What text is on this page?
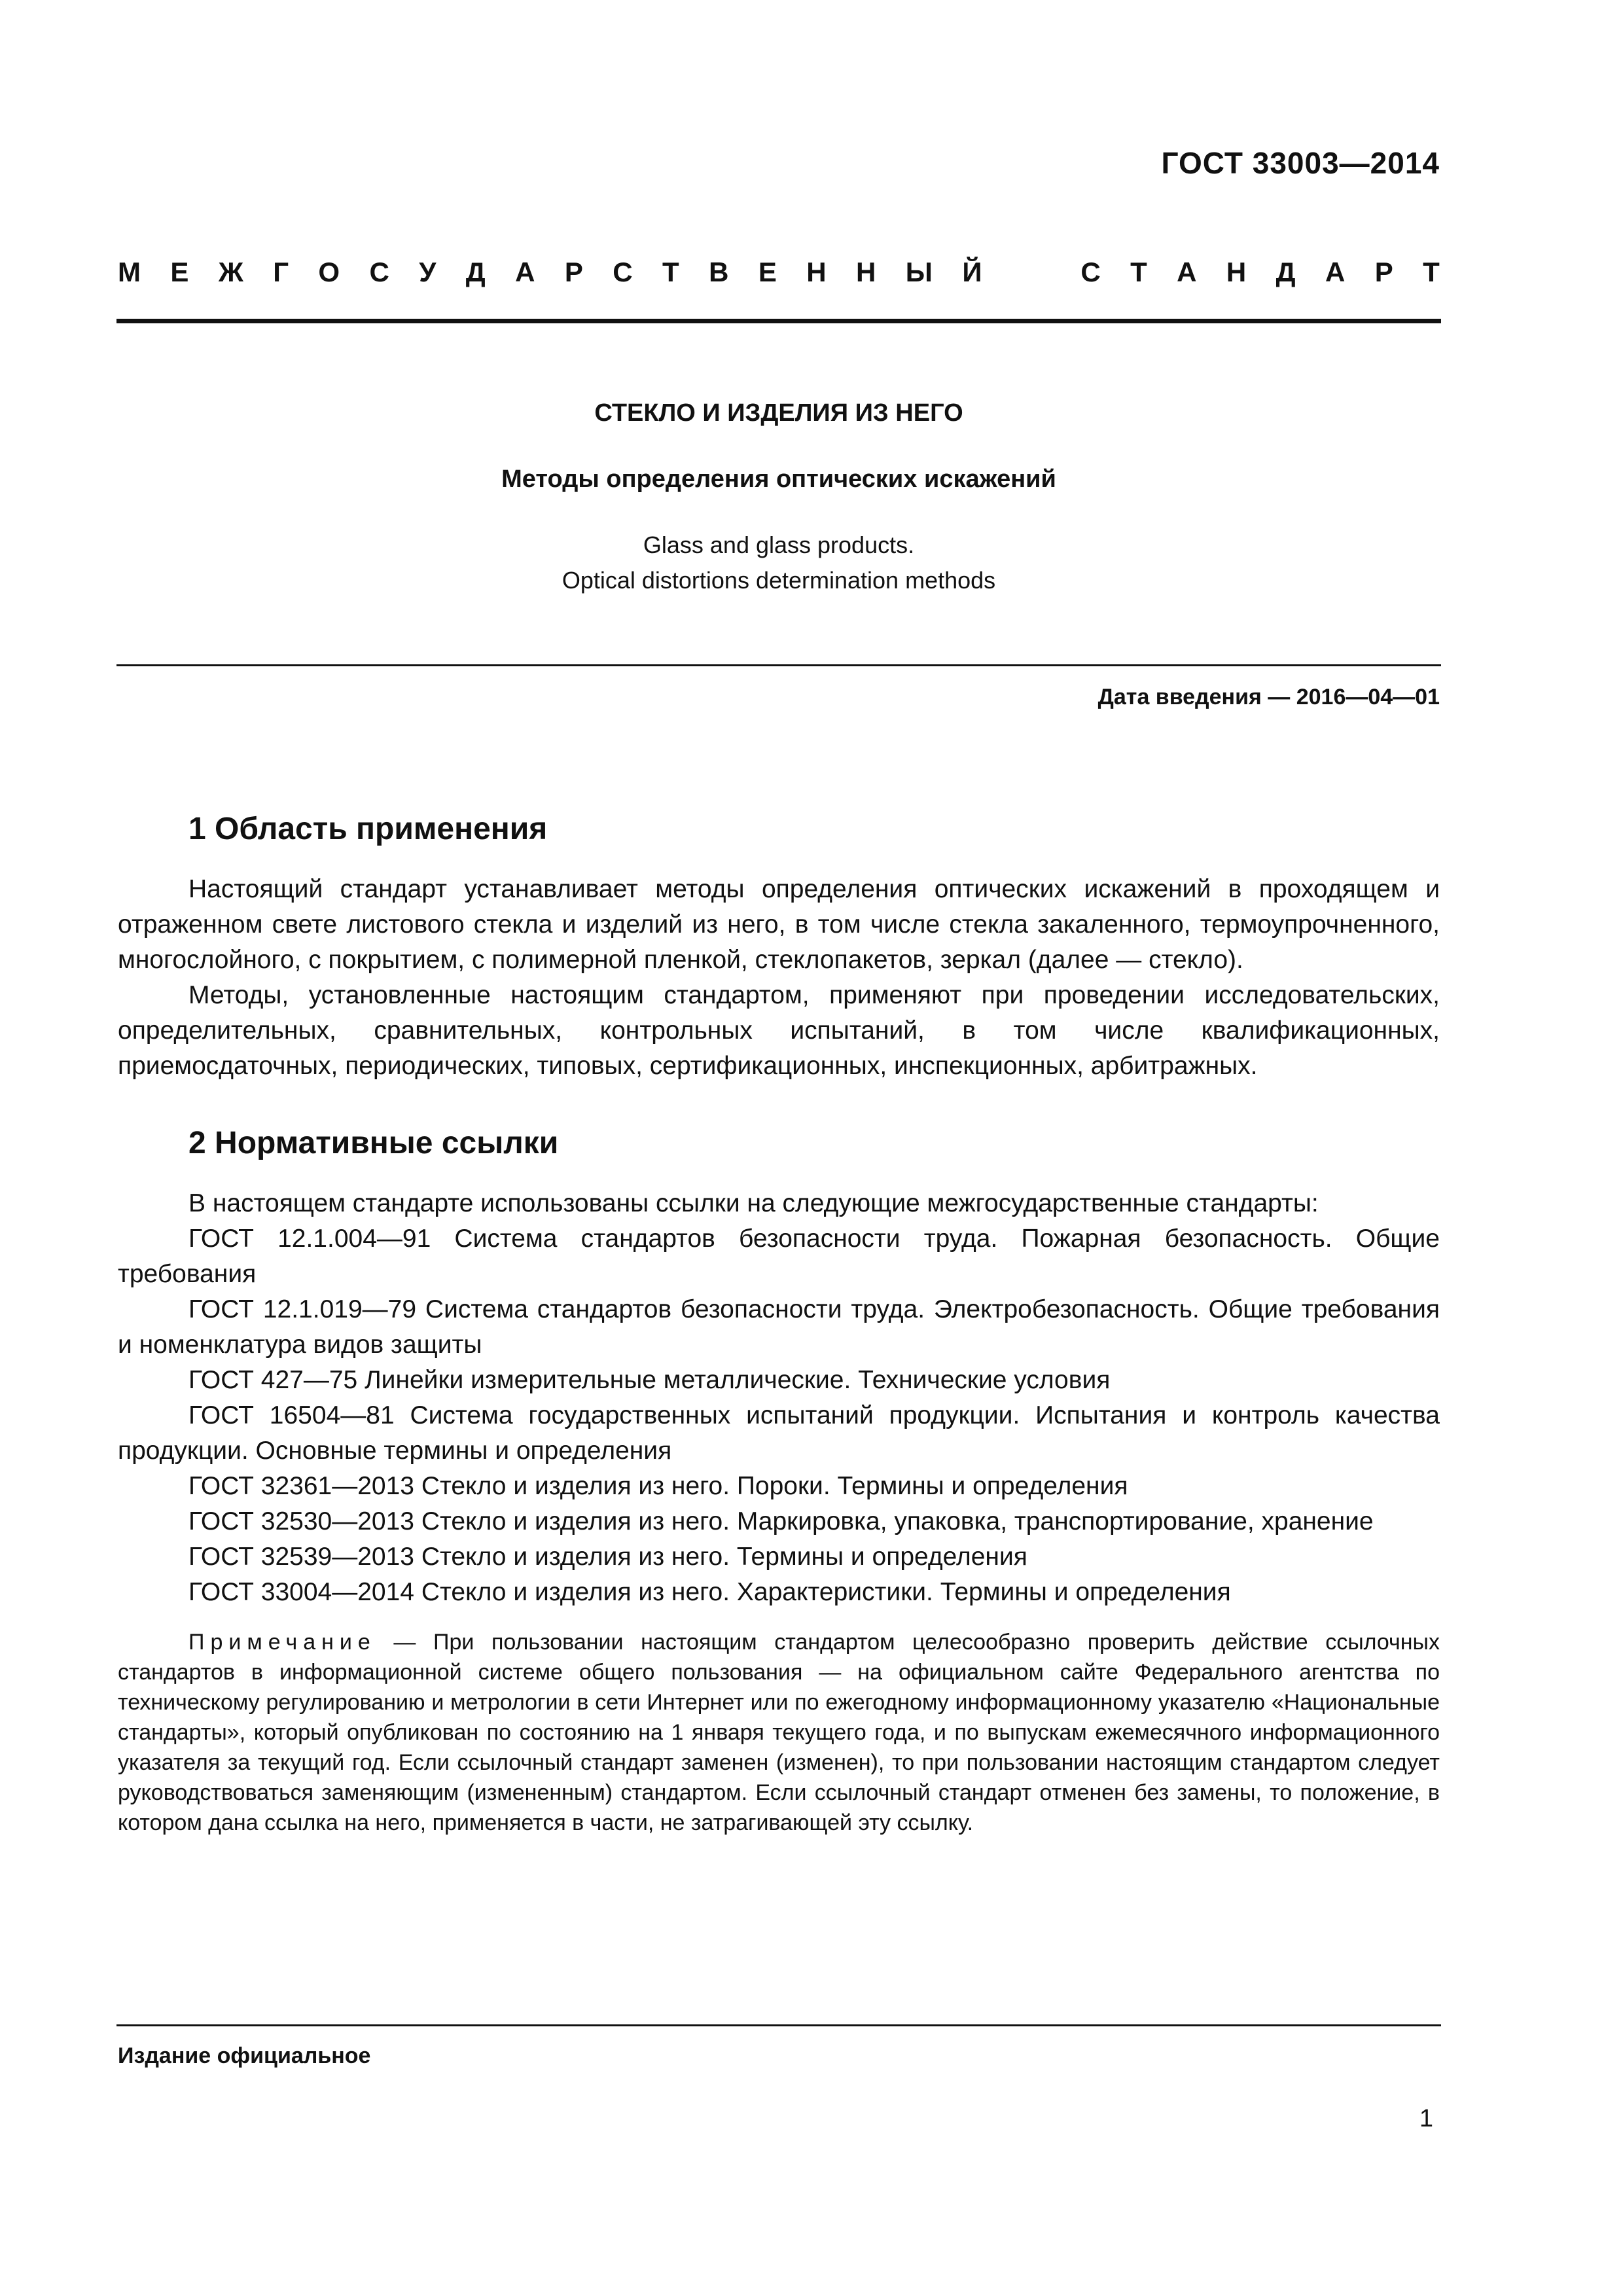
ГОСТ 33003—2014
М Е Ж Г О С У Д А Р С Т В Е Н Н Ы Й	С Т А Н Д А Р Т
СТЕКЛО И ИЗДЕЛИЯ ИЗ НЕГО
Методы определения оптических искажений
Glass and glass products.
Optical distortions determination methods
Дата введения — 2016—04—01
1 Область применения

Настоящий стандарт устанавливает методы определения оптических искажений в проходящем и отраженном свете листового стекла и изделий из него, в том числе стекла закаленного, термоупрочненного, многослойного, с покрытием, с полимерной пленкой, стеклопакетов, зеркал (далее — стекло).

Методы, установленные настоящим стандартом, применяют при проведении исследовательских, определительных, сравнительных, контрольных испытаний, в том числе квалификационных, приемосдаточных, периодических, типовых, сертификационных, инспекционных, арбитражных.

2 Нормативные ссылки

В настоящем стандарте использованы ссылки на следующие межгосударственные стандарты:

ГОСТ 12.1.004—91 Система стандартов безопасности труда. Пожарная безопасность. Общие требования

ГОСТ 12.1.019—79 Система стандартов безопасности труда. Электробезопасность. Общие требования и номенклатура видов защиты

ГОСТ 427—75 Линейки измерительные металлические. Технические условия

ГОСТ 16504—81 Система государственных испытаний продукции. Испытания и контроль качества продукции. Основные термины и определения

ГОСТ 32361—2013 Стекло и изделия из него. Пороки. Термины и определения

ГОСТ 32530—2013 Стекло и изделия из него. Маркировка, упаковка, транспортирование, хранение

ГОСТ 32539—2013 Стекло и изделия из него. Термины и определения

ГОСТ 33004—2014 Стекло и изделия из него. Характеристики. Термины и определения

Примечание — При пользовании настоящим стандартом целесообразно проверить действие ссылочных стандартов в информационной системе общего пользования — на официальном сайте Федерального агентства по техническому регулированию и метрологии в сети Интернет или по ежегодному информационному указателю «Национальные стандарты», который опубликован по состоянию на 1 января текущего года, и по выпускам ежемесячного информационного указателя за текущий год. Если ссылочный стандарт заменен (изменен), то при пользовании настоящим стандартом следует руководствоваться заменяющим (измененным) стандартом. Если ссылочный стандарт отменен без замены, то положение, в котором дана ссылка на него, применяется в части, не затрагивающей эту ссылку.
Издание официальное
1
